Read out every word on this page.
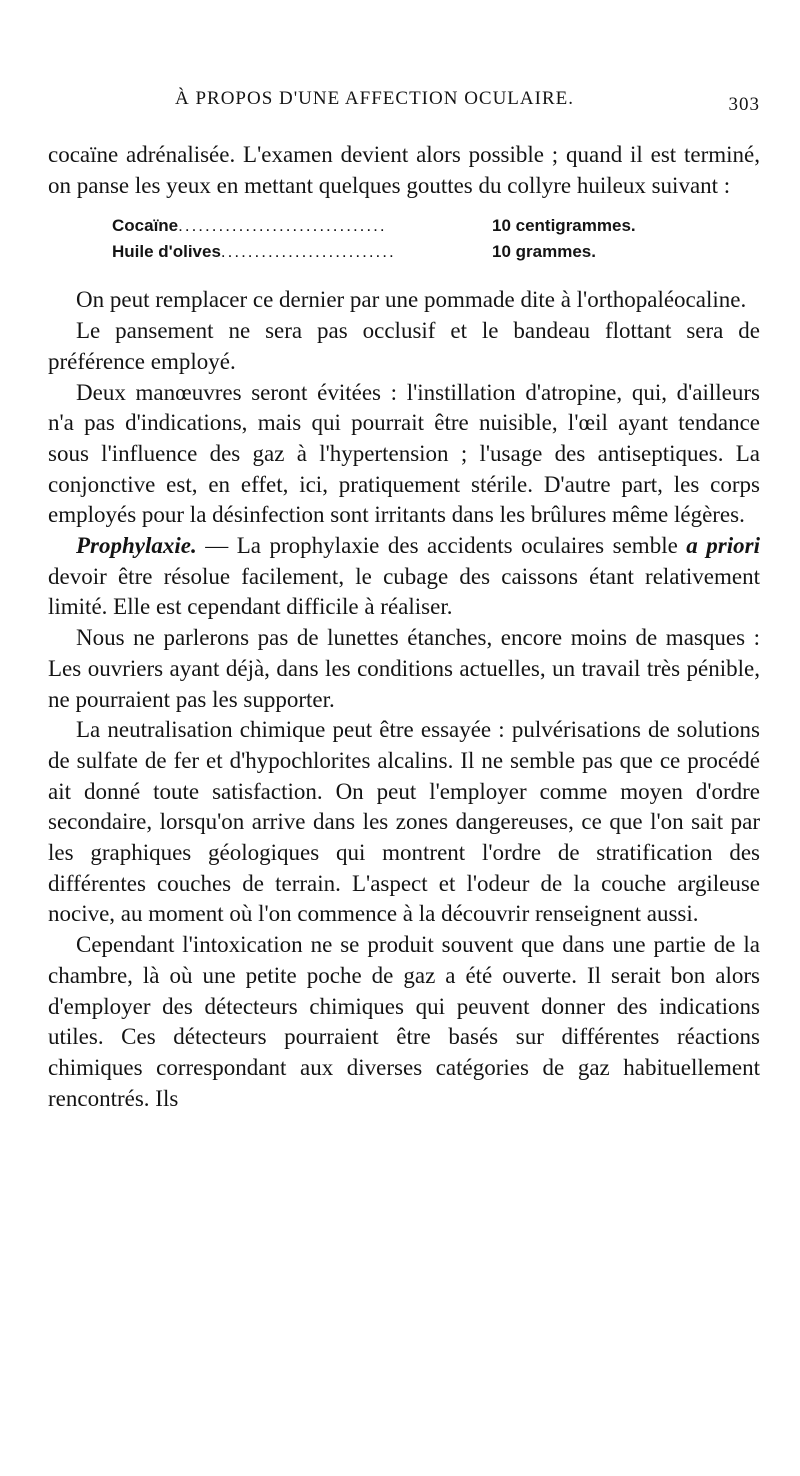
À PROPOS D'UNE AFFECTION OCULAIRE.	303

cocaïne adrénalisée. L'examen devient alors possible ; quand il est terminé, on panse les yeux en mettant quelques gouttes du collyre huileux suivant :

Cocaïne...............................	10 centigrammes.
Huile d'olives..........................	10 grammes.

On peut remplacer ce dernier par une pommade dite à l'orthopaléocaline.

Le pansement ne sera pas occlusif et le bandeau flottant sera de préférence employé.

Deux manœuvres seront évitées : l'instillation d'atropine, qui, d'ailleurs n'a pas d'indications, mais qui pourrait être nuisible, l'œil ayant tendance sous l'influence des gaz à l'hypertension ; l'usage des antiseptiques. La conjonctive est, en effet, ici, pratiquement stérile. D'autre part, les corps employés pour la désinfection sont irritants dans les brûlures même légères.

Prophylaxie. — La prophylaxie des accidents oculaires semble a priori devoir être résolue facilement, le cubage des caissons étant relativement limité. Elle est cependant difficile à réaliser.

Nous ne parlerons pas de lunettes étanches, encore moins de masques : Les ouvriers ayant déjà, dans les conditions actuelles, un travail très pénible, ne pourraient pas les supporter.

La neutralisation chimique peut être essayée : pulvérisations de solutions de sulfate de fer et d'hypochlorites alcalins. Il ne semble pas que ce procédé ait donné toute satisfaction. On peut l'employer comme moyen d'ordre secondaire, lorsqu'on arrive dans les zones dangereuses, ce que l'on sait par les graphiques géologiques qui montrent l'ordre de stratification des différentes couches de terrain. L'aspect et l'odeur de la couche argileuse nocive, au moment où l'on commence à la découvrir renseignent aussi.

Cependant l'intoxication ne se produit souvent que dans une partie de la chambre, là où une petite poche de gaz a été ouverte. Il serait bon alors d'employer des détecteurs chimiques qui peuvent donner des indications utiles. Ces détecteurs pourraient être basés sur différentes réactions chimiques correspondant aux diverses catégories de gaz habituellement rencontrés. Ils
